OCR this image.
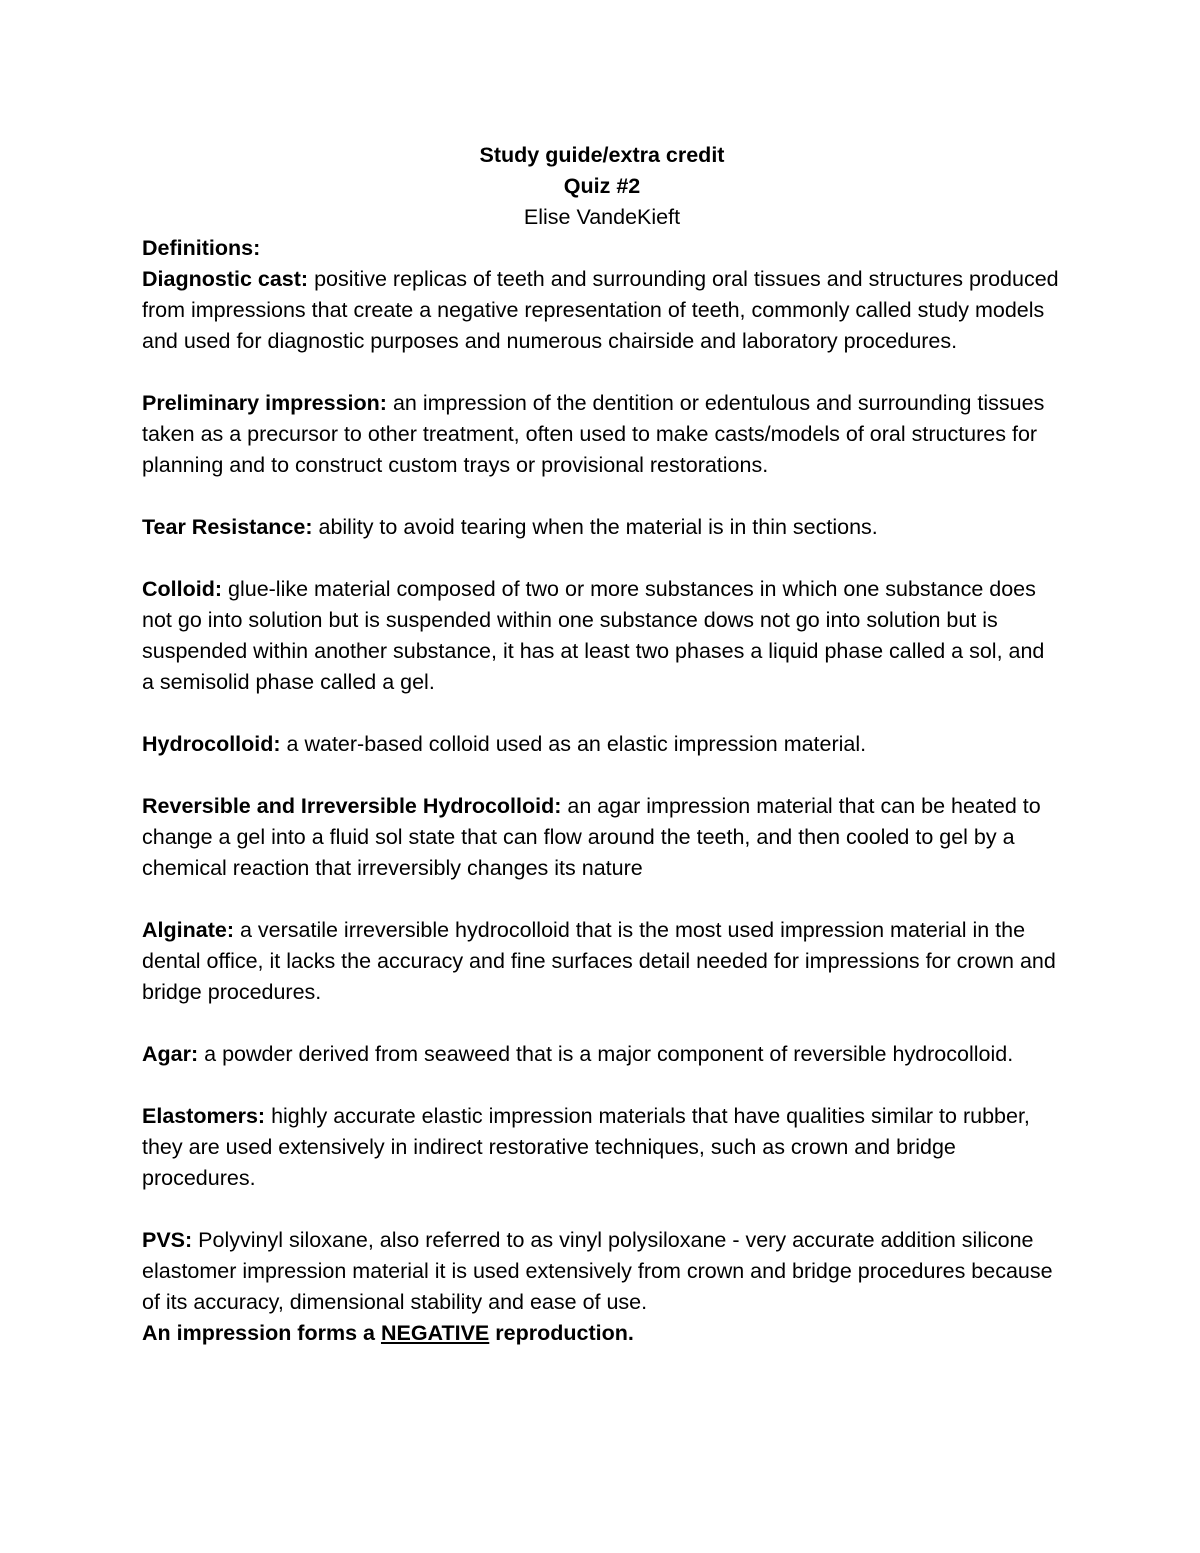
Study guide/extra credit
Quiz #2
Elise VandeKieft
Definitions:

Diagnostic cast: positive replicas of teeth and surrounding oral tissues and structures produced from impressions that create a negative representation of teeth, commonly called study models and used for diagnostic purposes and numerous chairside and laboratory procedures.

Preliminary impression: an impression of the dentition or edentulous and surrounding tissues taken as a precursor to other treatment, often used to make casts/models of oral structures for planning and to construct custom trays or provisional restorations.

Tear Resistance: ability to avoid tearing when the material is in thin sections.

Colloid: glue-like material composed of two or more substances in which one substance does not go into solution but is suspended within one substance dows not go into solution but is suspended within another substance, it has at least two phases a liquid phase called a sol, and a semisolid phase called a gel.

Hydrocolloid: a water-based colloid used as an elastic impression material.

Reversible and Irreversible Hydrocolloid: an agar impression material that can be heated to change a gel into a fluid sol state that can flow around the teeth, and then cooled to gel by a chemical reaction that irreversibly changes its nature

Alginate: a versatile irreversible hydrocolloid that is the most used impression material in the dental office, it lacks the accuracy and fine surfaces detail needed for impressions for crown and bridge procedures.

Agar: a powder derived from seaweed that is a major component of reversible hydrocolloid.

Elastomers: highly accurate elastic impression materials that have qualities similar to rubber, they are used extensively in indirect restorative techniques, such as crown and bridge procedures.

PVS: Polyvinyl siloxane, also referred to as vinyl polysiloxane - very accurate addition silicone elastomer impression material it is used extensively from crown and bridge procedures because of its accuracy, dimensional stability and ease of use.

An impression forms a NEGATIVE reproduction.
